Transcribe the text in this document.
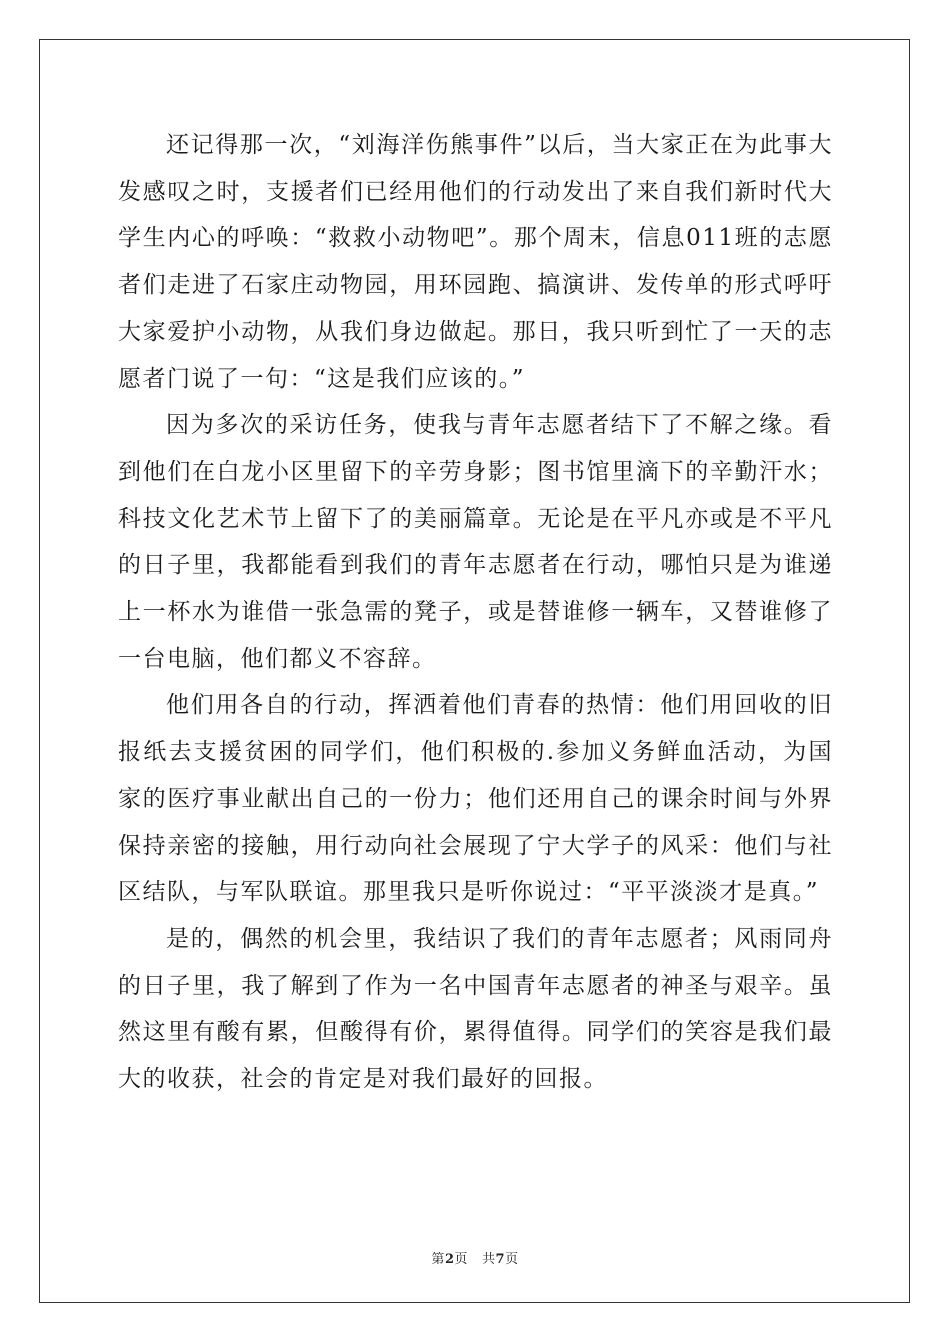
还记得那一次，“刘海洋伤熊事件”以后，当大家正在为此事大发感叹之时，支援者们已经用他们的行动发出了来自我们新时代大学生内心的呼唤：“救救小动物吧”。那个周末，信息011班的志愿者们走进了石家庄动物园，用环园跑、搞演讲、发传单的形式呼吁大家爱护小动物，从我们身边做起。那日，我只听到忙了一天的志愿者门说了一句：“这是我们应该的。”

因为多次的采访任务，使我与青年志愿者结下了不解之缘。看到他们在白龙小区里留下的辛劳身影；图书馆里滴下的辛勤汗水；科技文化艺术节上留下了的美丽篇章。无论是在平凡亦或是不平凡的日子里，我都能看到我们的青年志愿者在行动，哪怕只是为谁递上一杯水为谁借一张急需的凳子，或是替谁修一辆车，又替谁修了一台电脑，他们都义不容辞。

他们用各自的行动，挥洒着他们青春的热情：他们用回收的旧报纸去支援贫困的同学们，他们积极的.参加义务鲜血活动，为国家的医疗事业献出自己的一份力；他们还用自己的课余时间与外界保持亲密的接触，用行动向社会展现了宁大学子的风采：他们与社区结队，与军队联谊。那里我只是听你说过：“平平淡淡才是真。”

是的，偶然的机会里，我结识了我们的青年志愿者；风雨同舟的日子里，我了解到了作为一名中国青年志愿者的神圣与艰辛。虽然这里有酸有累，但酸得有价，累得值得。同学们的笑容是我们最大的收获，社会的肯定是对我们最好的回报。

第2页 共7页
